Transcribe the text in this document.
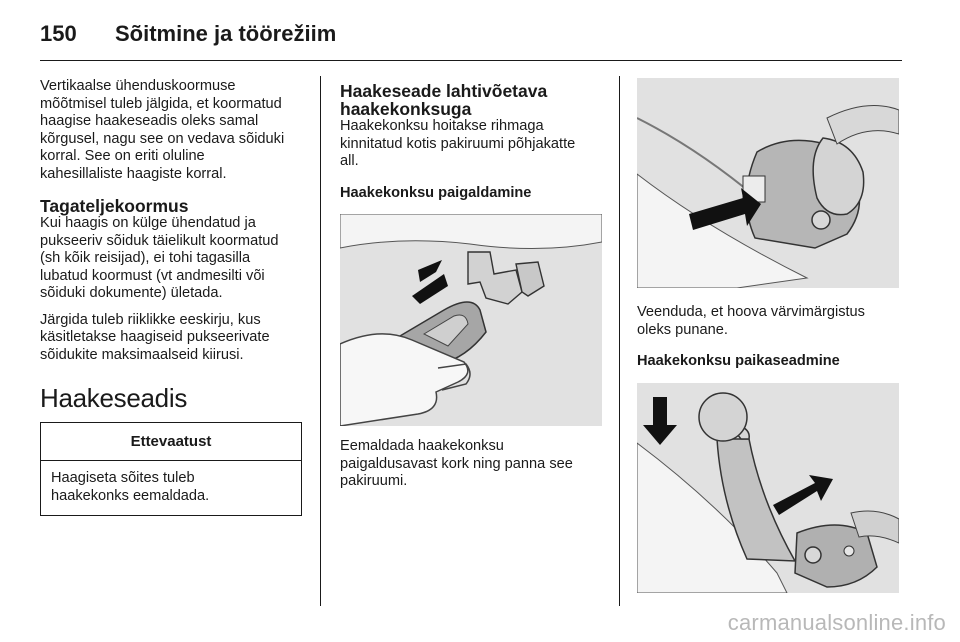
150	Sõitmine ja töörežiim

Vertikaalse ühenduskoormuse
mõõtmisel tuleb jälgida, et koormatud
haagise haakeseadis oleks samal
kõrgusel, nagu see on vedava sõiduki
korral. See on eriti oluline
kahesillaliste haagiste korral.

Tagateljekoormus

Kui haagis on külge ühendatud ja
pukseeriv sõiduk täielikult koormatud
(sh kõik reisijad), ei tohi tagasilla
lubatud koormust (vt andmesilti või
sõiduki dokumente) ületada.

Järgida tuleb riiklikke eeskirju, kus
käsitletakse haagiseid pukseerivate
sõidukite maksimaalseid kiirusi.

Haakeseadis
Ettevaatust
Haagiseta sõites tuleb
haakekonks eemaldada.
Haakeseade lahtivõetava
haakekonksuga

Haakekonksu hoitakse rihmaga
kinnitatud kotis pakiruumi põhjakatte
all.

Haakekonksu paigaldamine

Eemaldada haakekonksu
paigaldusavast kork ning panna see
pakiruumi.

Veenduda, et hoova värvimärgistus
oleks punane.

Haakekonksu paikaseadmine
carmanualsonline.info
